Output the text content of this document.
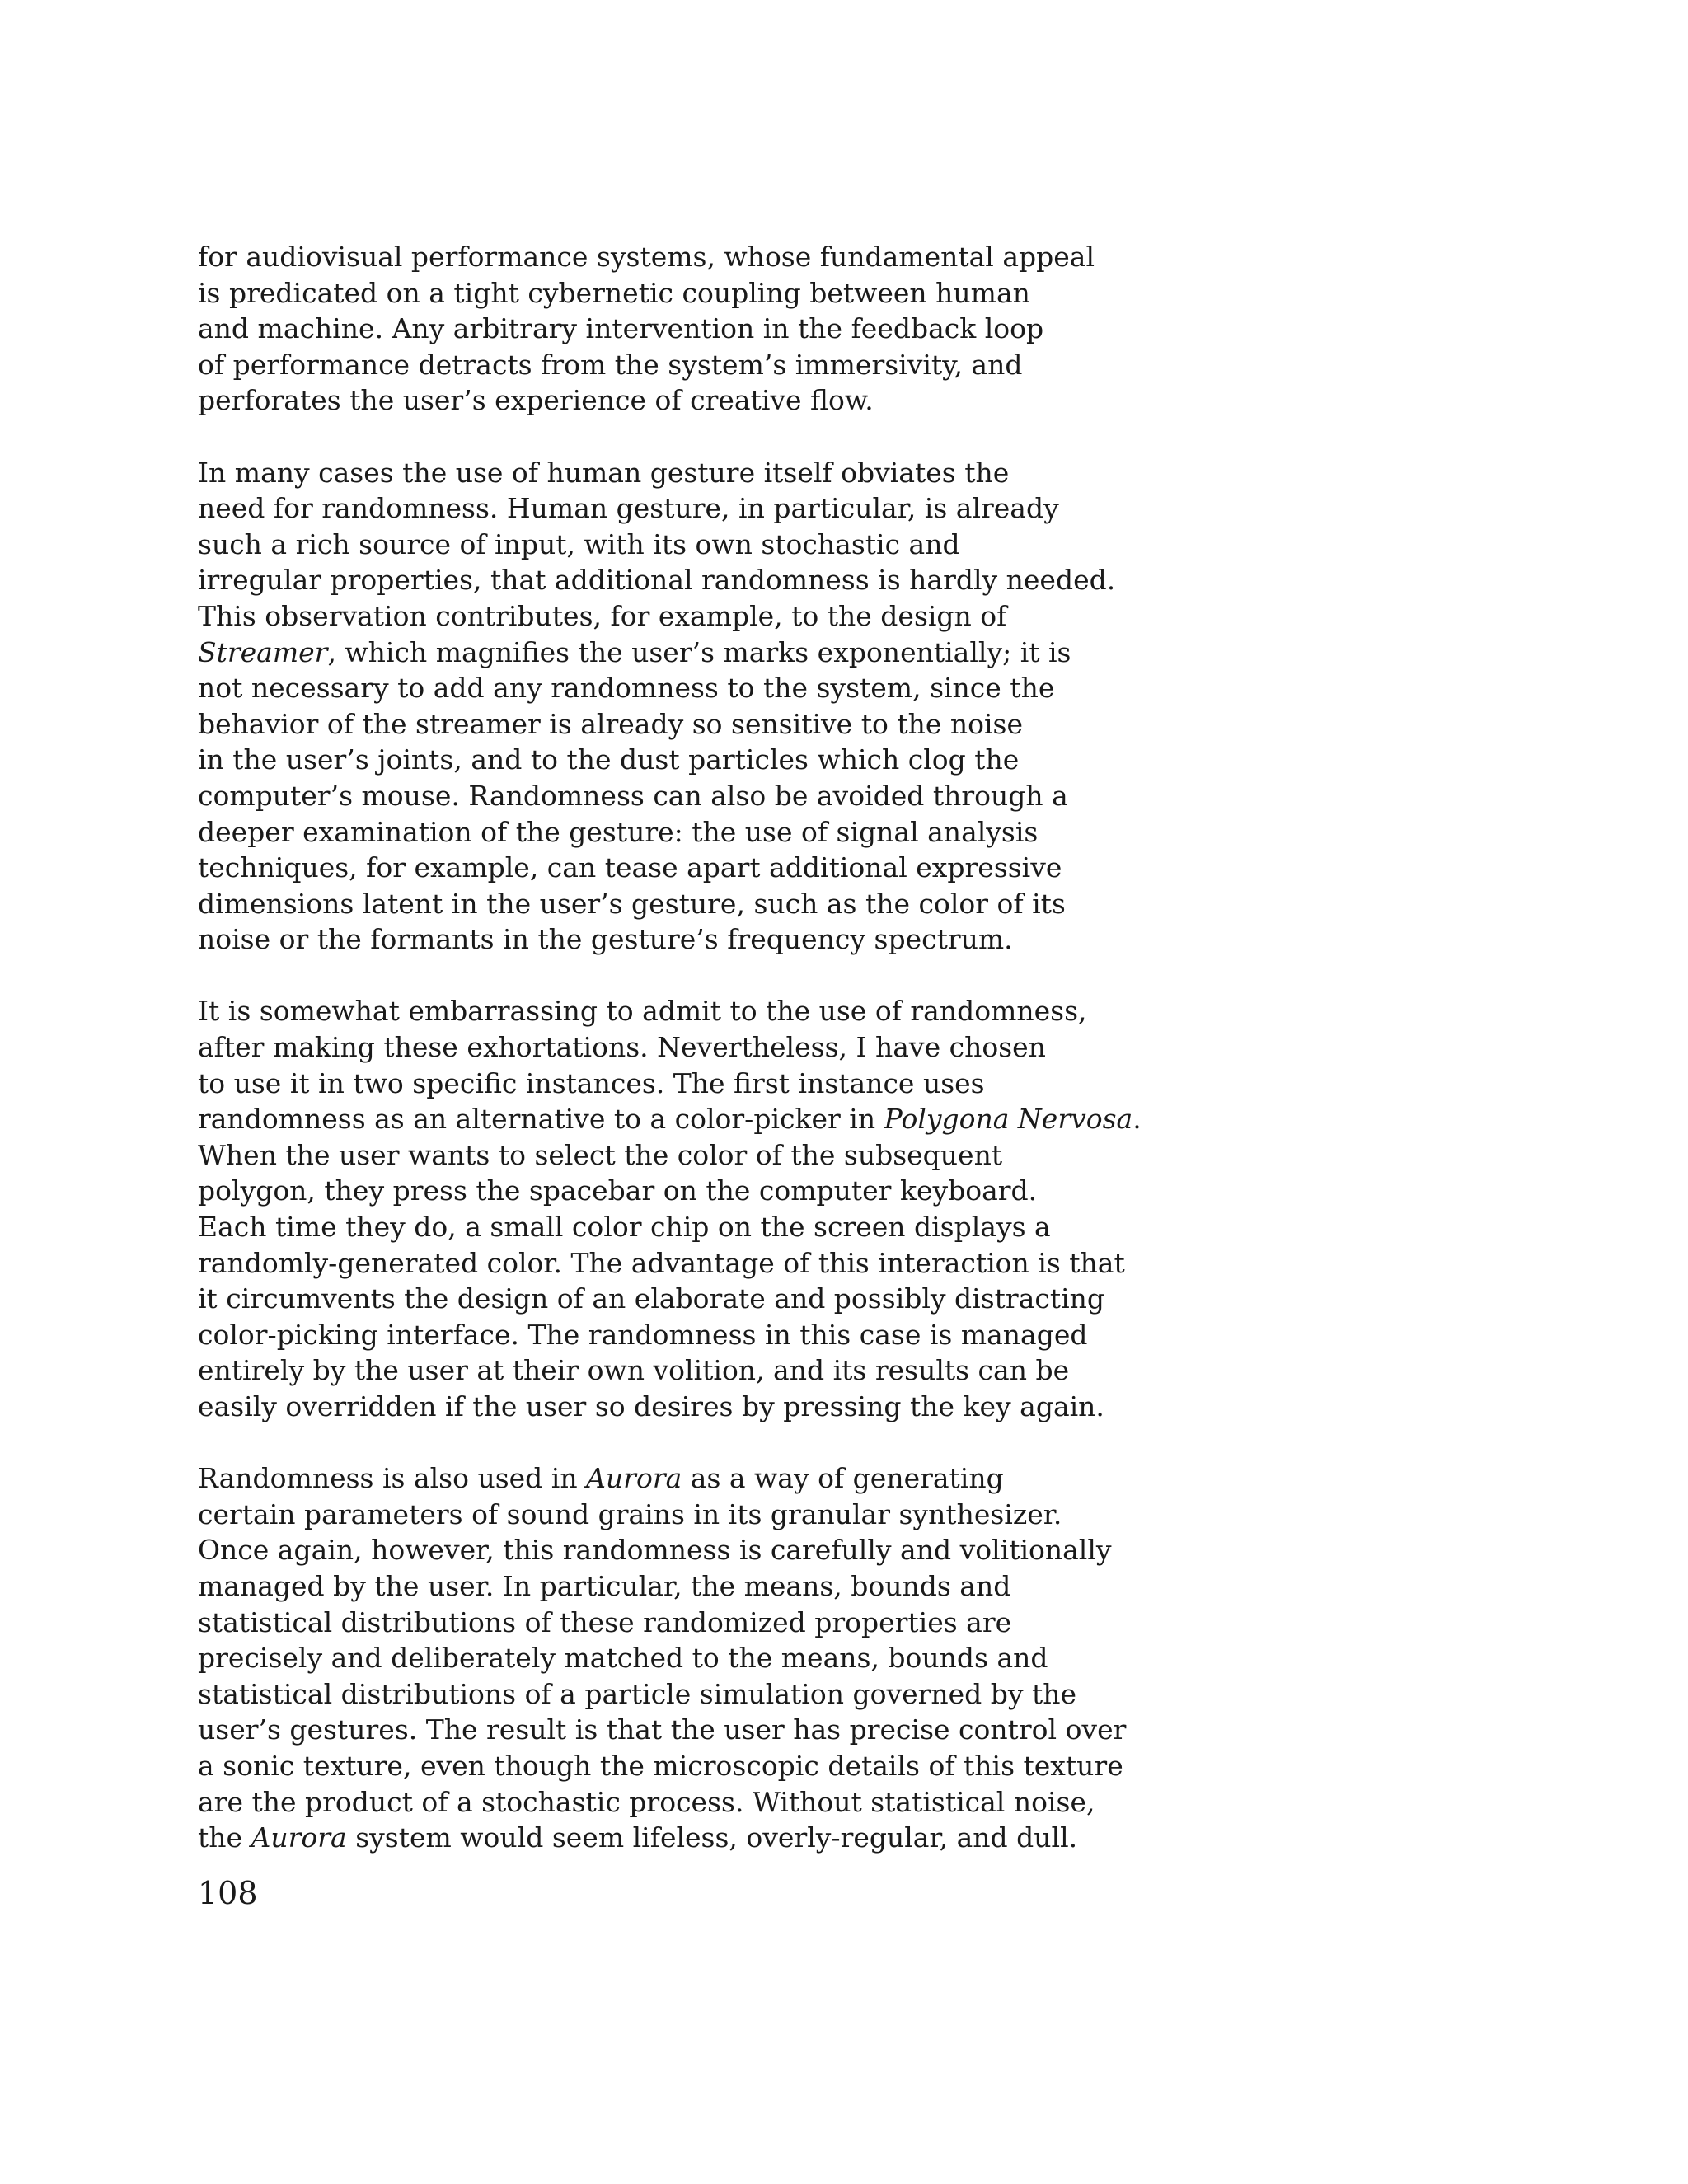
for audiovisual performance systems, whose fundamental appeal
is predicated on a tight cybernetic coupling between human
and machine. Any arbitrary intervention in the feedback loop
of performance detracts from the system’s immersivity, and
perforates the user’s experience of creative flow.
In many cases the use of human gesture itself obviates the
need for randomness. Human gesture, in particular, is already
such a rich source of input, with its own stochastic and
irregular properties, that additional randomness is hardly needed.
This observation contributes, for example, to the design of
Streamer, which magnifies the user’s marks exponentially; it is
not necessary to add any randomness to the system, since the
behavior of the streamer is already so sensitive to the noise
in the user’s joints, and to the dust particles which clog the
computer’s mouse. Randomness can also be avoided through a
deeper examination of the gesture: the use of signal analysis
techniques, for example, can tease apart additional expressive
dimensions latent in the user’s gesture, such as the color of its
noise or the formants in the gesture’s frequency spectrum.
It is somewhat embarrassing to admit to the use of randomness,
after making these exhortations. Nevertheless, I have chosen
to use it in two specific instances. The first instance uses
randomness as an alternative to a color-picker in Polygona Nervosa.
When the user wants to select the color of the subsequent
polygon, they press the spacebar on the computer keyboard.
Each time they do, a small color chip on the screen displays a
randomly-generated color. The advantage of this interaction is that
it circumvents the design of an elaborate and possibly distracting
color-picking interface. The randomness in this case is managed
entirely by the user at their own volition, and its results can be
easily overridden if the user so desires by pressing the key again.
Randomness is also used in Aurora as a way of generating
certain parameters of sound grains in its granular synthesizer.
Once again, however, this randomness is carefully and volitionally
managed by the user. In particular, the means, bounds and
statistical distributions of these randomized properties are
precisely and deliberately matched to the means, bounds and
statistical distributions of a particle simulation governed by the
user’s gestures. The result is that the user has precise control over
a sonic texture, even though the microscopic details of this texture
are the product of a stochastic process. Without statistical noise,
the Aurora system would seem lifeless, overly-regular, and dull.
108
